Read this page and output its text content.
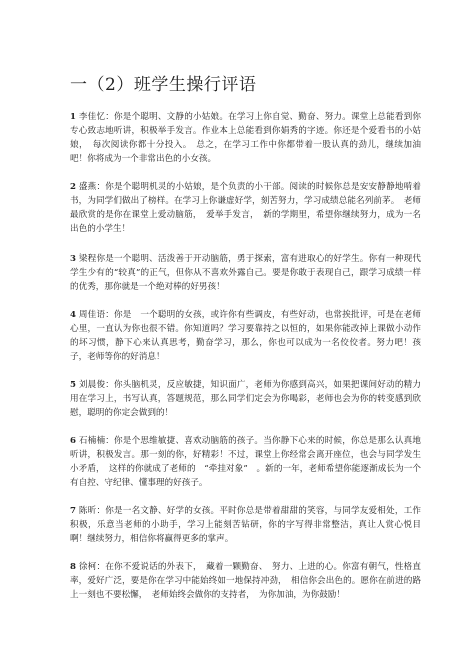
一（2）班学生操行评语

1 李佳忆：你是个聪明、文静的小姑娘。在学习上你自觉、勤奋、努力。课堂上总能看到你专心致志地听讲，积极举手发言。作业本上总能看到你娟秀的字迹。你还是个爱看书的小姑娘，　每次阅读你都十分投入。　总之，在学习工作中你都带着一股认真的劲儿，继续加油吧！你将成为一个非常出色的小女孩。

2 盛燕：你是个聪明机灵的小姑娘，是个负责的小干部。阅读的时候你总是安安静静地啃着书，为同学们做出了榜样。在学习上你谦虚好学，刻苦努力，学习成绩总能名列前茅。　老师最欣赏的是你在课堂上爱动脑筋，　爱举手发言，　新的学期里，希望你继续努力，成为一名出色的小学生！

3 梁程你是一个聪明、活泼善于开动脑筋，勇于探索，富有进取心的好学生。你有一种现代学生少有的“较真”的正气，但你从不喜欢外露自己。要是你敢于表现自己，跟学习成绩一样的优秀，那你就是一个绝对棒的好男孩！

4 周佳语：你是　一个聪明的女孩，或许你有些调皮，有些好动，也常挨批评，可是在老师心里，一直认为你也很不错。你知道吗？学习要靠持之以恒的，如果你能改掉上课做小动作的坏习惯，静下心来认真思考，勤奋学习，那么，你也可以成为一名佼佼者。努力吧！孩子，老师等你的好消息！

5 刘晨俊：你头脑机灵，反应敏捷，知识面广，老师为你感到高兴，如果把课间好动的精力用在学习上，书写认真，答题规范，那么同学们定会为你喝彩，老师也会为你的转变感到欣慰，聪明的你定会做到的！

6 石楠楠：你是个思维敏捷、喜欢动脑筋的孩子。当你静下心来的时候，你总是那么认真地听讲，积极发言。那一刻的你，好精彩！不过，课堂上你经常会离开座位，也会与同学发生小矛盾，　这样的你就成了老师的　“牵挂对象”　。新的一年，老师希望你能逐渐成长为一个有自控、守纪律、懂事理的好孩子。

7 陈昕：你是一名文静、好学的女孩。平时你总是带着甜甜的笑容，与同学友爱相处，工作积极，乐意当老师的小助手，学习上能刻苦钻研，你的字写得非常整洁，真让人赏心悦目啊！继续努力，相信你将赢得更多的掌声。

8 徐柯：在你不爱说话的外表下，　藏着一颗勤奋、　努力、上进的心。你富有朝气，性格直率，爱好广泛，要是你在学习中能始终如一地保持冲劲，　相信你会出色的。愿你在前进的路上一刻也不要松懈，　老师始终会做你的支持者，　为你加油，为你鼓励！
